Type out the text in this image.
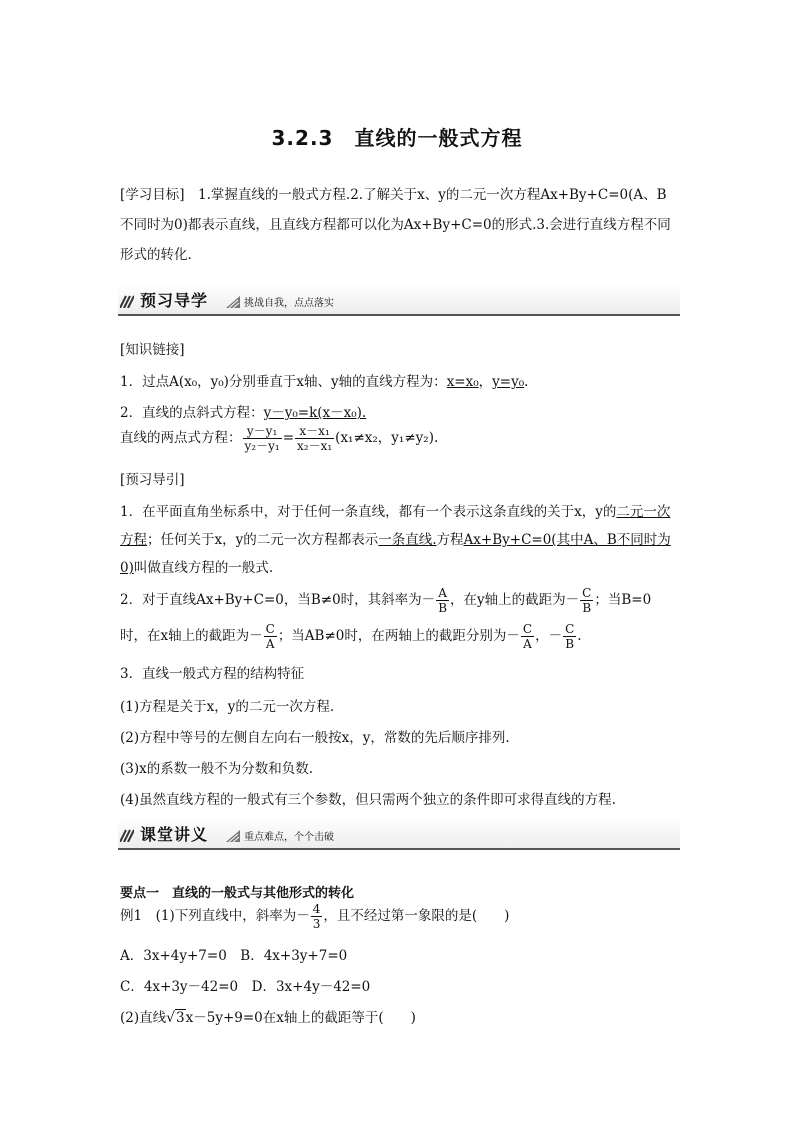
3.2.3　直线的一般式方程
[学习目标]　1.掌握直线的一般式方程.2.了解关于x、y的二元一次方程Ax+By+C=0(A、B不同时为0)都表示直线，且直线方程都可以化为Ax+By+C=0的形式.3.会进行直线方程不同形式的转化.
预习导学	挑战自我，点点落实
[知识链接]
1．过点A(x₀，y₀)分别垂直于x轴、y轴的直线方程为：x=x₀，y=y₀.
2．直线的点斜式方程：y－y₀=k(x－x₀).
直线的两点式方程： $\frac{\text{y－y₁}}{\text{y₂－y₁}} = \frac{\text{x－x₁}}{\text{x₂－x₁}} (x_1\ne x_2$，y₁≠y₂).
[预习导引]
1．在平面直角坐标系中，对于任何一条直线，都有一个表示这条直线的关于x，y的二元一次方程；任何关于x，y的二元一次方程都表示一条直线.方程Ax+By+C=0(其中A、B不同时为0)叫做直线方程的一般式.
2．对于直线Ax+By+C=0，当B≠0时，其斜率为－ $\frac{A}{B}$ ，在y轴上的截距为－ $\frac{C}{B}$ ；当B=0
时，在x轴上的截距为－ $\frac{C}{A}$ ；当AB≠0时，在两轴上的截距分别为－ $\frac{C}{A}$ ，－ $\frac{C}{B}$ .
3．直线一般式方程的结构特征
(1)方程是关于x，y的二元一次方程.
(2)方程中等号的左侧自左向右一般按x，y，常数的先后顺序排列.
(3)x的系数一般不为分数和负数.
(4)虽然直线方程的一般式有三个参数，但只需两个独立的条件即可求得直线的方程.
课堂讲义	重点难点，个个击破
要点一　直线的一般式与其他形式的转化
例1　(1)下列直线中，斜率为－ $\frac{4}{3}$ ，且不经过第一象限的是(　　)
A．3x+4y+7=0　B．4x+3y+7=0
C．4x+3y－42=0　D．3x+4y－42=0
(2)直线√3x－5y+9=0在x轴上的截距等于(　　)
